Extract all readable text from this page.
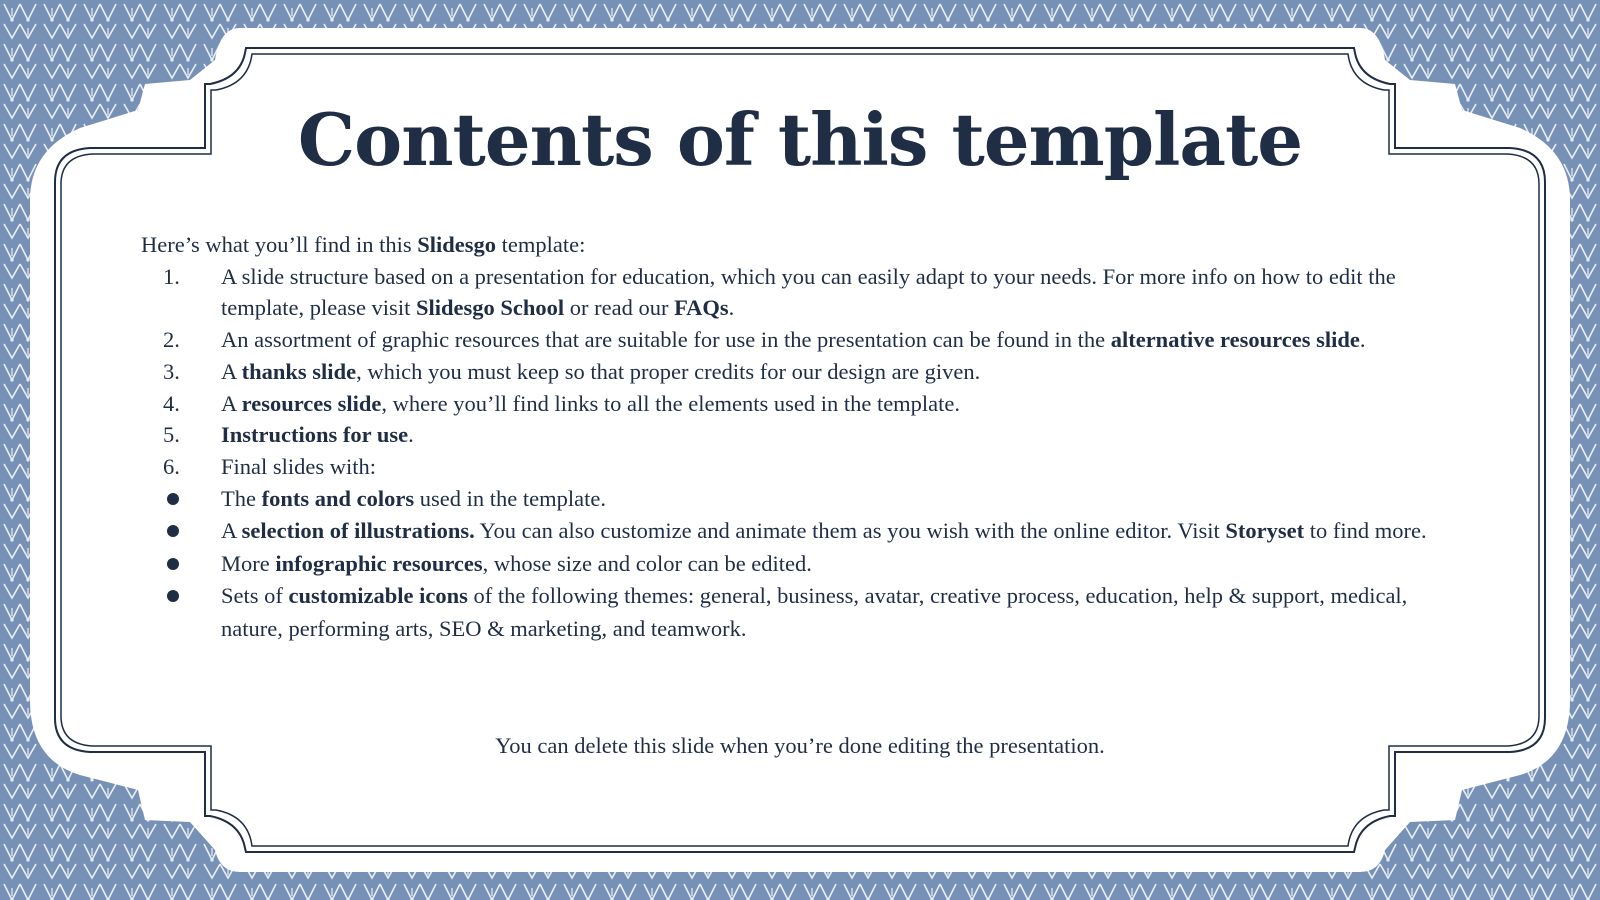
Contents of this template

Here’s what you’ll find in this Slidesgo template:

1. A slide structure based on a presentation for education, which you can easily adapt to your needs. For more info on how to edit the template, please visit Slidesgo School or read our FAQs.
2. An assortment of graphic resources that are suitable for use in the presentation can be found in the alternative resources slide.
3. A thanks slide, which you must keep so that proper credits for our design are given.
4. A resources slide, where you’ll find links to all the elements used in the template.
5. Instructions for use.
6. Final slides with:
The fonts and colors used in the template.
A selection of illustrations. You can also customize and animate them as you wish with the online editor. Visit Storyset to find more.
More infographic resources, whose size and color can be edited.
Sets of customizable icons of the following themes: general, business, avatar, creative process, education, help & support, medical, nature, performing arts, SEO & marketing, and teamwork.

You can delete this slide when you’re done editing the presentation.
